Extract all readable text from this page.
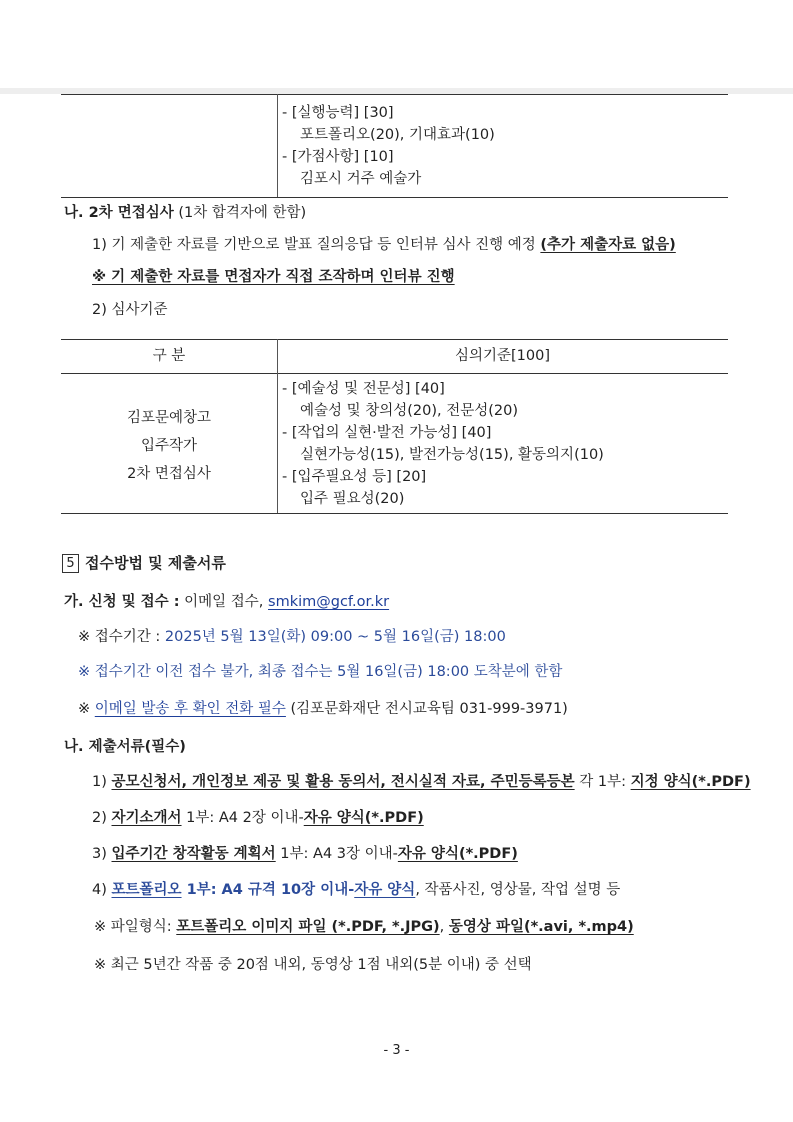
- [실행능력] [30]
포트폴리오(20), 기대효과(10)
- [가점사항] [10]
김포시 거주 예술가
나. 2차 면접심사 (1차 합격자에 한함)
1) 기 제출한 자료를 기반으로 발표 질의응답 등 인터뷰 심사 진행 예정 (추가 제출자료 없음)
※ 기 제출한 자료를 면접자가 직접 조작하며 인터뷰 진행
2) 심사기준
구 분	심의기준[100]
김포문예창고
입주작가
2차 면접심사
- [예술성 및 전문성] [40]
예술성 및 창의성(20), 전문성(20)
- [작업의 실현·발전 가능성] [40]
실현가능성(15), 발전가능성(15), 활동의지(10)
- [입주필요성 등] [20]
입주 필요성(20)
5 접수방법 및 제출서류
가. 신청 및 접수 : 이메일 접수, smkim@gcf.or.kr
※ 접수기간 : 2025년 5월 13일(화) 09:00 ~ 5월 16일(금) 18:00
※ 접수기간 이전 접수 불가, 최종 접수는 5월 16일(금) 18:00 도착분에 한함
※ 이메일 발송 후 확인 전화 필수 (김포문화재단 전시교육팀 031-999-3971)
나. 제출서류(필수)
1) 공모신청서, 개인정보 제공 및 활용 동의서, 전시실적 자료, 주민등록등본 각 1부: 지정 양식(*.PDF)
2) 자기소개서 1부: A4 2장 이내-자유 양식(*.PDF)
3) 입주기간 창작활동 계획서 1부: A4 3장 이내-자유 양식(*.PDF)
4) 포트폴리오 1부: A4 규격 10장 이내-자유 양식, 작품사진, 영상물, 작업 설명 등
※ 파일형식: 포트폴리오 이미지 파일 (*.PDF, *.JPG), 동영상 파일(*.avi, *.mp4)
※ 최근 5년간 작품 중 20점 내외, 동영상 1점 내외(5분 이내) 중 선택
- 3 -
